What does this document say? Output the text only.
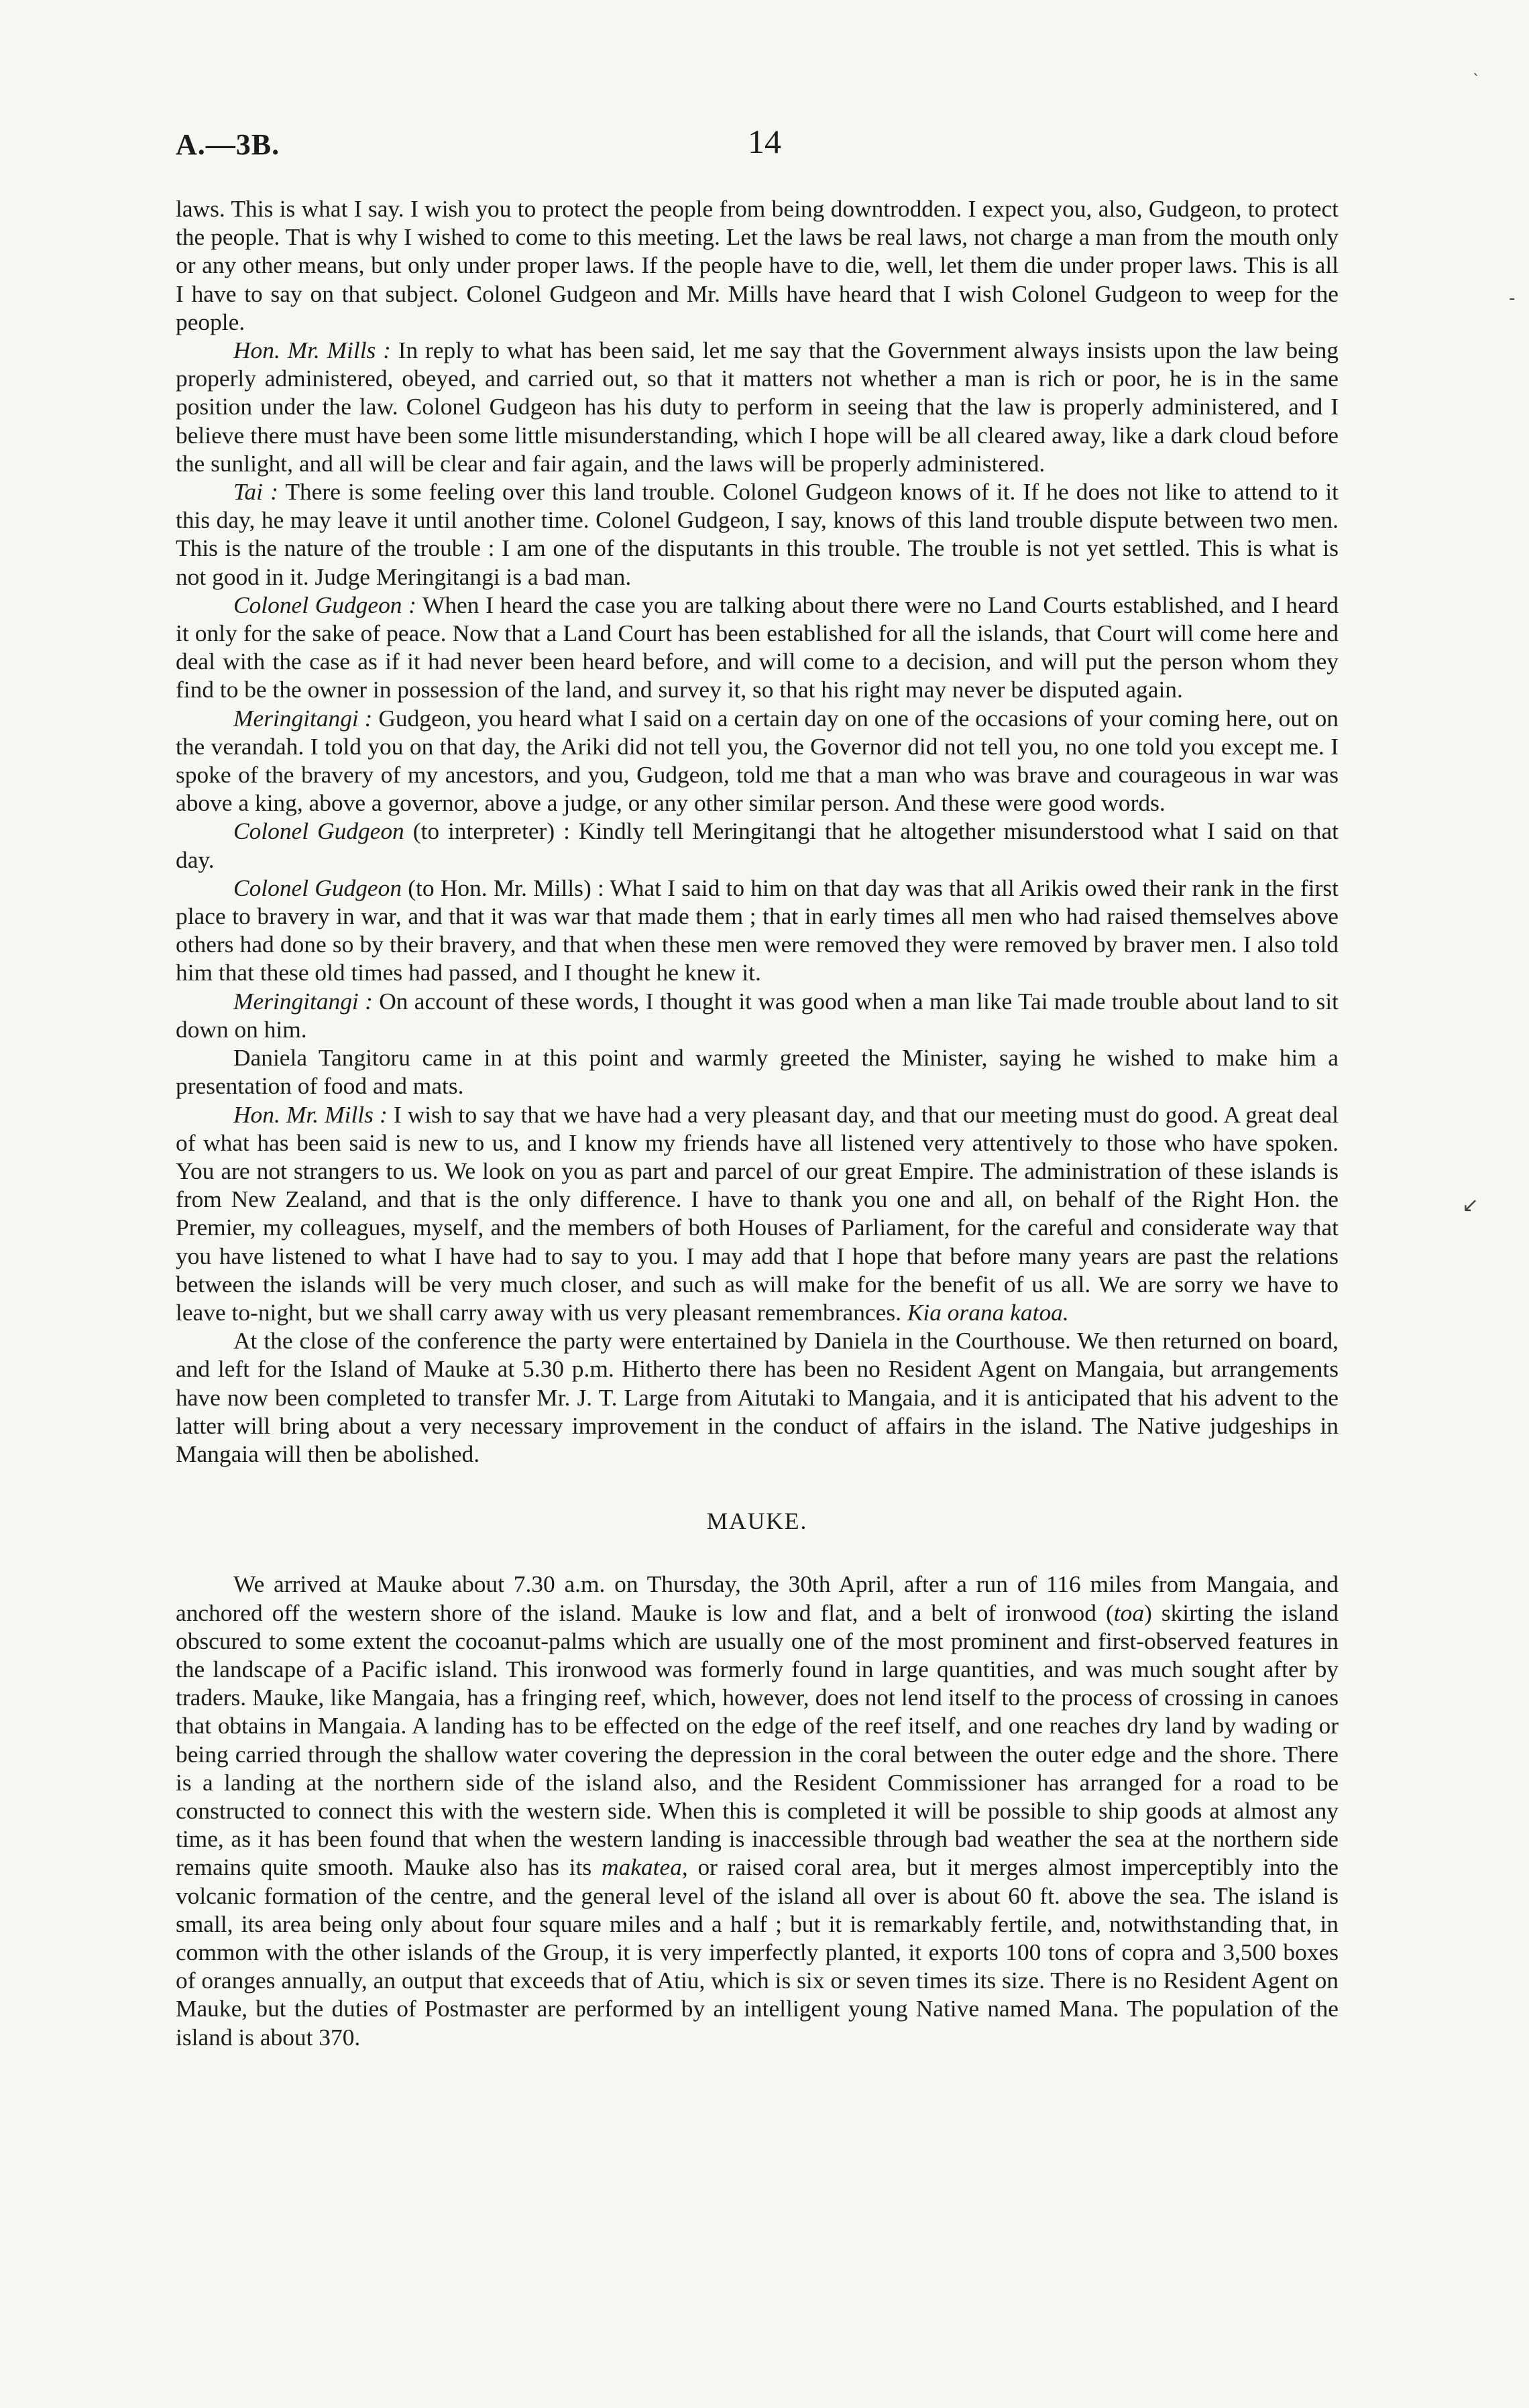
A.—3B.	14
`
-
↙

laws. This is what I say. I wish you to protect the people from being downtrodden. I expect you, also, Gudgeon, to protect the people. That is why I wished to come to this meeting. Let the laws be real laws, not charge a man from the mouth only or any other means, but only under proper laws. If the people have to die, well, let them die under proper laws. This is all I have to say on that subject. Colonel Gudgeon and Mr. Mills have heard that I wish Colonel Gudgeon to weep for the people.

Hon. Mr. Mills : In reply to what has been said, let me say that the Government always insists upon the law being properly administered, obeyed, and carried out, so that it matters not whether a man is rich or poor, he is in the same position under the law. Colonel Gudgeon has his duty to perform in seeing that the law is properly administered, and I believe there must have been some little misunderstanding, which I hope will be all cleared away, like a dark cloud before the sunlight, and all will be clear and fair again, and the laws will be properly administered.

Tai : There is some feeling over this land trouble. Colonel Gudgeon knows of it. If he does not like to attend to it this day, he may leave it until another time. Colonel Gudgeon, I say, knows of this land trouble dispute between two men. This is the nature of the trouble : I am one of the disputants in this trouble. The trouble is not yet settled. This is what is not good in it. Judge Meringitangi is a bad man.

Colonel Gudgeon : When I heard the case you are talking about there were no Land Courts established, and I heard it only for the sake of peace. Now that a Land Court has been established for all the islands, that Court will come here and deal with the case as if it had never been heard before, and will come to a decision, and will put the person whom they find to be the owner in possession of the land, and survey it, so that his right may never be disputed again.

Meringitangi : Gudgeon, you heard what I said on a certain day on one of the occasions of your coming here, out on the verandah. I told you on that day, the Ariki did not tell you, the Governor did not tell you, no one told you except me. I spoke of the bravery of my ancestors, and you, Gudgeon, told me that a man who was brave and courageous in war was above a king, above a governor, above a judge, or any other similar person. And these were good words.

Colonel Gudgeon (to interpreter) : Kindly tell Meringitangi that he altogether misunderstood what I said on that day.

Colonel Gudgeon (to Hon. Mr. Mills) : What I said to him on that day was that all Arikis owed their rank in the first place to bravery in war, and that it was war that made them ; that in early times all men who had raised themselves above others had done so by their bravery, and that when these men were removed they were removed by braver men. I also told him that these old times had passed, and I thought he knew it.

Meringitangi : On account of these words, I thought it was good when a man like Tai made trouble about land to sit down on him.

Daniela Tangitoru came in at this point and warmly greeted the Minister, saying he wished to make him a presentation of food and mats.

Hon. Mr. Mills : I wish to say that we have had a very pleasant day, and that our meeting must do good. A great deal of what has been said is new to us, and I know my friends have all listened very attentively to those who have spoken. You are not strangers to us. We look on you as part and parcel of our great Empire. The administration of these islands is from New Zealand, and that is the only difference. I have to thank you one and all, on behalf of the Right Hon. the Premier, my colleagues, myself, and the members of both Houses of Parliament, for the careful and considerate way that you have listened to what I have had to say to you. I may add that I hope that before many years are past the relations between the islands will be very much closer, and such as will make for the benefit of us all. We are sorry we have to leave to-night, but we shall carry away with us very pleasant remembrances. Kia orana katoa.

At the close of the conference the party were entertained by Daniela in the Courthouse. We then returned on board, and left for the Island of Mauke at 5.30 p.m. Hitherto there has been no Resident Agent on Mangaia, but arrangements have now been completed to transfer Mr. J. T. Large from Aitutaki to Mangaia, and it is anticipated that his advent to the latter will bring about a very necessary improvement in the conduct of affairs in the island. The Native judgeships in Mangaia will then be abolished.

MAUKE.

We arrived at Mauke about 7.30 a.m. on Thursday, the 30th April, after a run of 116 miles from Mangaia, and anchored off the western shore of the island. Mauke is low and flat, and a belt of ironwood (toa) skirting the island obscured to some extent the cocoanut-palms which are usually one of the most prominent and first-observed features in the landscape of a Pacific island. This ironwood was formerly found in large quantities, and was much sought after by traders. Mauke, like Mangaia, has a fringing reef, which, however, does not lend itself to the process of crossing in canoes that obtains in Mangaia. A landing has to be effected on the edge of the reef itself, and one reaches dry land by wading or being carried through the shallow water covering the depression in the coral between the outer edge and the shore. There is a landing at the northern side of the island also, and the Resident Commissioner has arranged for a road to be constructed to connect this with the western side. When this is completed it will be possible to ship goods at almost any time, as it has been found that when the western landing is inaccessible through bad weather the sea at the northern side remains quite smooth. Mauke also has its makatea, or raised coral area, but it merges almost imperceptibly into the volcanic formation of the centre, and the general level of the island all over is about 60 ft. above the sea. The island is small, its area being only about four square miles and a half ; but it is remarkably fertile, and, notwithstanding that, in common with the other islands of the Group, it is very imperfectly planted, it exports 100 tons of copra and 3,500 boxes of oranges annually, an output that exceeds that of Atiu, which is six or seven times its size. There is no Resident Agent on Mauke, but the duties of Postmaster are performed by an intelligent young Native named Mana. The population of the island is about 370.
